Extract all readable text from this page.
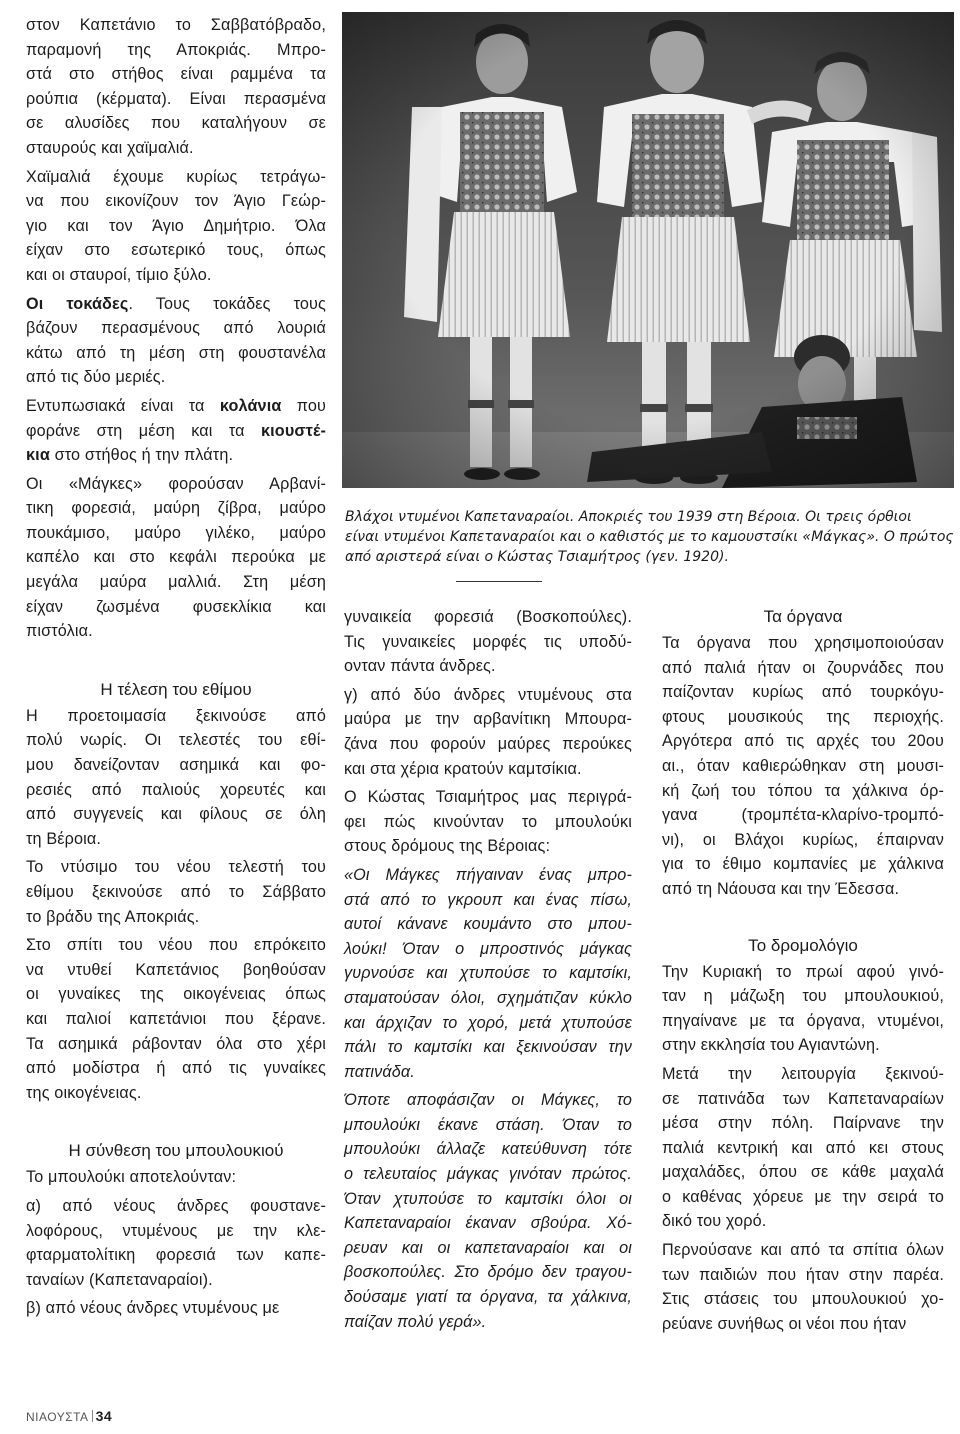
στον Καπετάνιο το Σαββατόβραδο,
παραμονή της Αποκριάς. Μπρο-
στά στο στήθος είναι ραμμένα τα
ρούπια (κέρματα). Είναι περασμένα
σε αλυσίδες που καταλήγουν σε
σταυρούς και χαϊμαλιά.
Χαϊμαλιά έχουμε κυρίως τετράγω-
να που εικονίζουν τον Άγιο Γεώρ-
γιο και τον Άγιο Δημήτριο. Όλα
είχαν στο εσωτερικό τους, όπως
και οι σταυροί, τίμιο ξύλο.
Οι τοκάδες. Τους τοκάδες τους
βάζουν περασμένους από λουριά
κάτω από τη μέση στη φουστανέλα
από τις δύο μεριές.
Εντυπωσιακά είναι τα κολάνια που
φοράνε στη μέση και τα κιουστέ-
κια στο στήθος ή την πλάτη.
Οι «Μάγκες» φορούσαν Αρβανί-
τικη φορεσιά, μαύρη ζίβρα, μαύρο
πουκάμισο, μαύρο γιλέκο, μαύρο
καπέλο και στο κεφάλι περούκα με
μεγάλα μαύρα μαλλιά. Στη μέση
είχαν ζωσμένα φυσεκλίκια και
πιστόλια.
Η τέλεση του εθίμου
Η προετοιμασία ξεκινούσε από
πολύ νωρίς. Οι τελεστές του εθί-
μου δανείζονταν ασημικά και φο-
ρεσιές από παλιούς χορευτές και
από συγγενείς και φίλους σε όλη
τη Βέροια.
Το ντύσιμο του νέου τελεστή του
εθίμου ξεκινούσε από το Σάββατο
το βράδυ της Αποκριάς.
Στο σπίτι του νέου που επρόκειτο
να ντυθεί Καπετάνιος βοηθούσαν
οι γυναίκες της οικογένειας όπως
και παλιοί καπετάνιοι που ξέρανε.
Τα ασημικά ράβονταν όλα στο χέρι
από μοδίστρα ή από τις γυναίκες
της οικογένειας.
Η σύνθεση του μπουλουκιού
Το μπουλούκι αποτελούνταν:
α) από νέους άνδρες φουστανε-
λοφόρους, ντυμένους με την κλε-
φταρματολίτικη φορεσιά των καπε-
ταναίων (Καπεταναραίοι).
β) από νέους άνδρες ντυμένους με
Βλάχοι ντυμένοι Καπεταναραίοι. Αποκριές του 1939 στη Βέροια. Οι τρεις όρθιοι
είναι ντυμένοι Καπεταναραίοι και ο καθιστός με το καμουστσίκι «Μάγκας». Ο πρώτος
από αριστερά είναι ο Κώστας Τσιαμήτρος (γεν. 1920).
γυναικεία φορεσιά (Βοσκοπούλες).
Τις γυναικείες μορφές τις υποδύ-
ονταν πάντα άνδρες.
γ) από δύο άνδρες ντυμένους στα
μαύρα με την αρβανίτικη Μπουρα-
ζάνα που φορούν μαύρες περούκες
και στα χέρια κρατούν καμτσίκια.
Ο Κώστας Τσιαμήτρος μας περιγρά-
φει πώς κινούνταν το μπουλούκι
στους δρόμους της Βέροιας:
«Οι Μάγκες πήγαιναν ένας μπρο-
στά από το γκρουπ και ένας πίσω,
αυτοί κάνανε κουμάντο στο μπου-
λούκι! Όταν ο μπροστινός μάγκας
γυρνούσε και χτυπούσε το καμτσίκι,
σταματούσαν όλοι, σχημάτιζαν κύκλο
και άρχιζαν το χορό, μετά χτυπούσε
πάλι το καμτσίκι και ξεκινούσαν την
πατινάδα.
Όποτε αποφάσιζαν οι Μάγκες, το
μπουλούκι έκανε στάση. Όταν το
μπουλούκι άλλαζε κατεύθυνση τότε
ο τελευταίος μάγκας γινόταν πρώτος.
Όταν χτυπούσε το καμτσίκι όλοι οι
Καπεταναραίοι έκαναν σβούρα. Χό-
ρευαν και οι καπεταναραίοι και οι
βοσκοπούλες. Στο δρόμο δεν τραγου-
δούσαμε γιατί τα όργανα, τα χάλκινα,
παίζαν πολύ γερά».
Τα όργανα
Τα όργανα που χρησιμοποιούσαν
από παλιά ήταν οι ζουρνάδες που
παίζονταν κυρίως από τουρκόγυ-
φτους μουσικούς της περιοχής.
Αργότερα από τις αρχές του 20ου
αι., όταν καθιερώθηκαν στη μουσι-
κή ζωή του τόπου τα χάλκινα όρ-
γανα (τρομπέτα-κλαρίνο-τρομπό-
νι), οι Βλάχοι κυρίως, έπαιρναν
για το έθιμο κομπανίες με χάλκινα
από τη Νάουσα και την Έδεσσα.
Το δρομολόγιο
Την Κυριακή το πρωί αφού γινό-
ταν η μάζωξη του μπουλουκιού,
πηγαίνανε με τα όργανα, ντυμένοι,
στην εκκλησία του Αγιαντώνη.
Μετά την λειτουργία ξεκινού-
σε πατινάδα των Καπεταναραίων
μέσα στην πόλη. Παίρνανε την
παλιά κεντρική και από κει στους
μαχαλάδες, όπου σε κάθε μαχαλά
ο καθένας χόρευε με την σειρά το
δικό του χορό.
Περνούσανε και από τα σπίτια όλων
των παιδιών που ήταν στην παρέα.
Στις στάσεις του μπουλουκιού χο-
ρεύανε συνήθως οι νέοι που ήταν
ΝΙΑΟΥΣΤΑ 34
